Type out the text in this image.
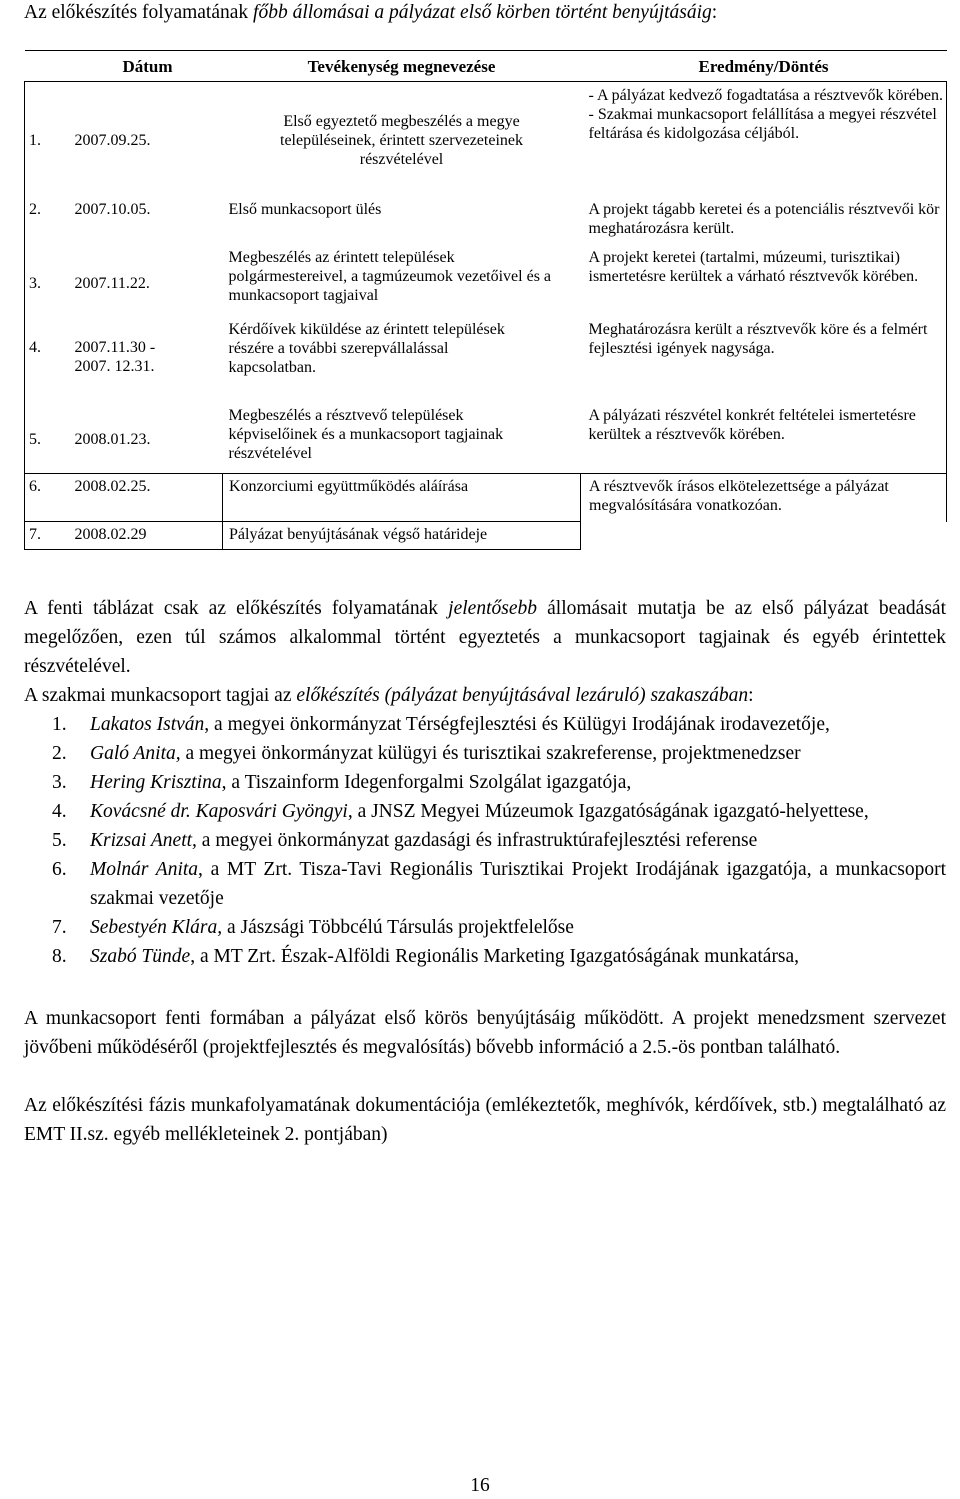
Az előkészítés folyamatának főbb állomásai a pályázat első körben történt benyújtásáig:
	Dátum	Tevékenység megnevezése	Eredmény/Döntés
1.	2007.09.25.	Első egyeztető megbeszélés a megye településeinek, érintett szervezeteinek részvételével	- A pályázat kedvező fogadtatása a résztvevők körében.
- Szakmai munkacsoport felállítása a megyei részvétel feltárása és kidolgozása céljából.

2.	2007.10.05.	Első munkacsoport ülés	A projekt tágabb keretei és a potenciális résztvevői kör meghatározásra került.
3.	2007.11.22.	Megbeszélés az érintett települések polgármestereivel, a tagmúzeumok vezetőivel és a munkacsoport tagjaival	A projekt keretei (tartalmi, múzeumi, turisztikai) ismertetésre kerültek a várható résztvevők körében.
4.	2007.11.30 - 2007. 12.31.	Kérdőívek kiküldése az érintett települések részére a további szerepvállalással kapcsolatban.	Meghatározásra került a résztvevők köre és a felmért fejlesztési igények nagysága.
5.	2008.01.23.	Megbeszélés a résztvevő települések képviselőinek és a munkacsoport tagjainak részvételével	A pályázati részvétel konkrét feltételei ismertetésre kerültek a résztvevők körében.
6.	2008.02.25.	Konzorciumi együttműködés aláírása	A résztvevők írásos elkötelezettsége a pályázat megvalósítására vonatkozóan.
7.	2008.02.29	Pályázat benyújtásának végső határideje	

A fenti táblázat csak az előkészítés folyamatának jelentősebb állomásait mutatja be az első pályázat beadását megelőzően, ezen túl számos alkalommal történt egyeztetés a munkacsoport tagjainak és egyéb érintettek részvételével.

A szakmai munkacsoport tagjai az előkészítés (pályázat benyújtásával lezáruló) szakaszában:

1. Lakatos István, a megyei önkormányzat Térségfejlesztési és Külügyi Irodájának irodavezetője,
2. Galó Anita, a megyei önkormányzat külügyi és turisztikai szakreferense, projektmenedzser
3. Hering Krisztina, a Tiszainform Idegenforgalmi Szolgálat igazgatója,
4. Kovácsné dr. Kaposvári Gyöngyi, a JNSZ Megyei Múzeumok Igazgatóságának igazgató-helyettese,
5. Krizsai Anett, a megyei önkormányzat gazdasági és infrastruktúrafejlesztési referense
6. Molnár Anita, a MT Zrt. Tisza-Tavi Regionális Turisztikai Projekt Irodájának igazgatója, a munkacsoport szakmai vezetője
7. Sebestyén Klára, a Jászsági Többcélú Társulás projektfelelőse
8. Szabó Tünde, a MT Zrt. Észak-Alföldi Regionális Marketing Igazgatóságának munkatársa,

A munkacsoport fenti formában a pályázat első körös benyújtásáig működött. A projekt menedzsment szervezet jövőbeni működéséről (projektfejlesztés és megvalósítás) bővebb információ a 2.5.-ös pontban található.

Az előkészítési fázis munkafolyamatának dokumentációja (emlékeztetők, meghívók, kérdőívek, stb.) megtalálható az EMT II.sz. egyéb mellékleteinek 2. pontjában)

16
